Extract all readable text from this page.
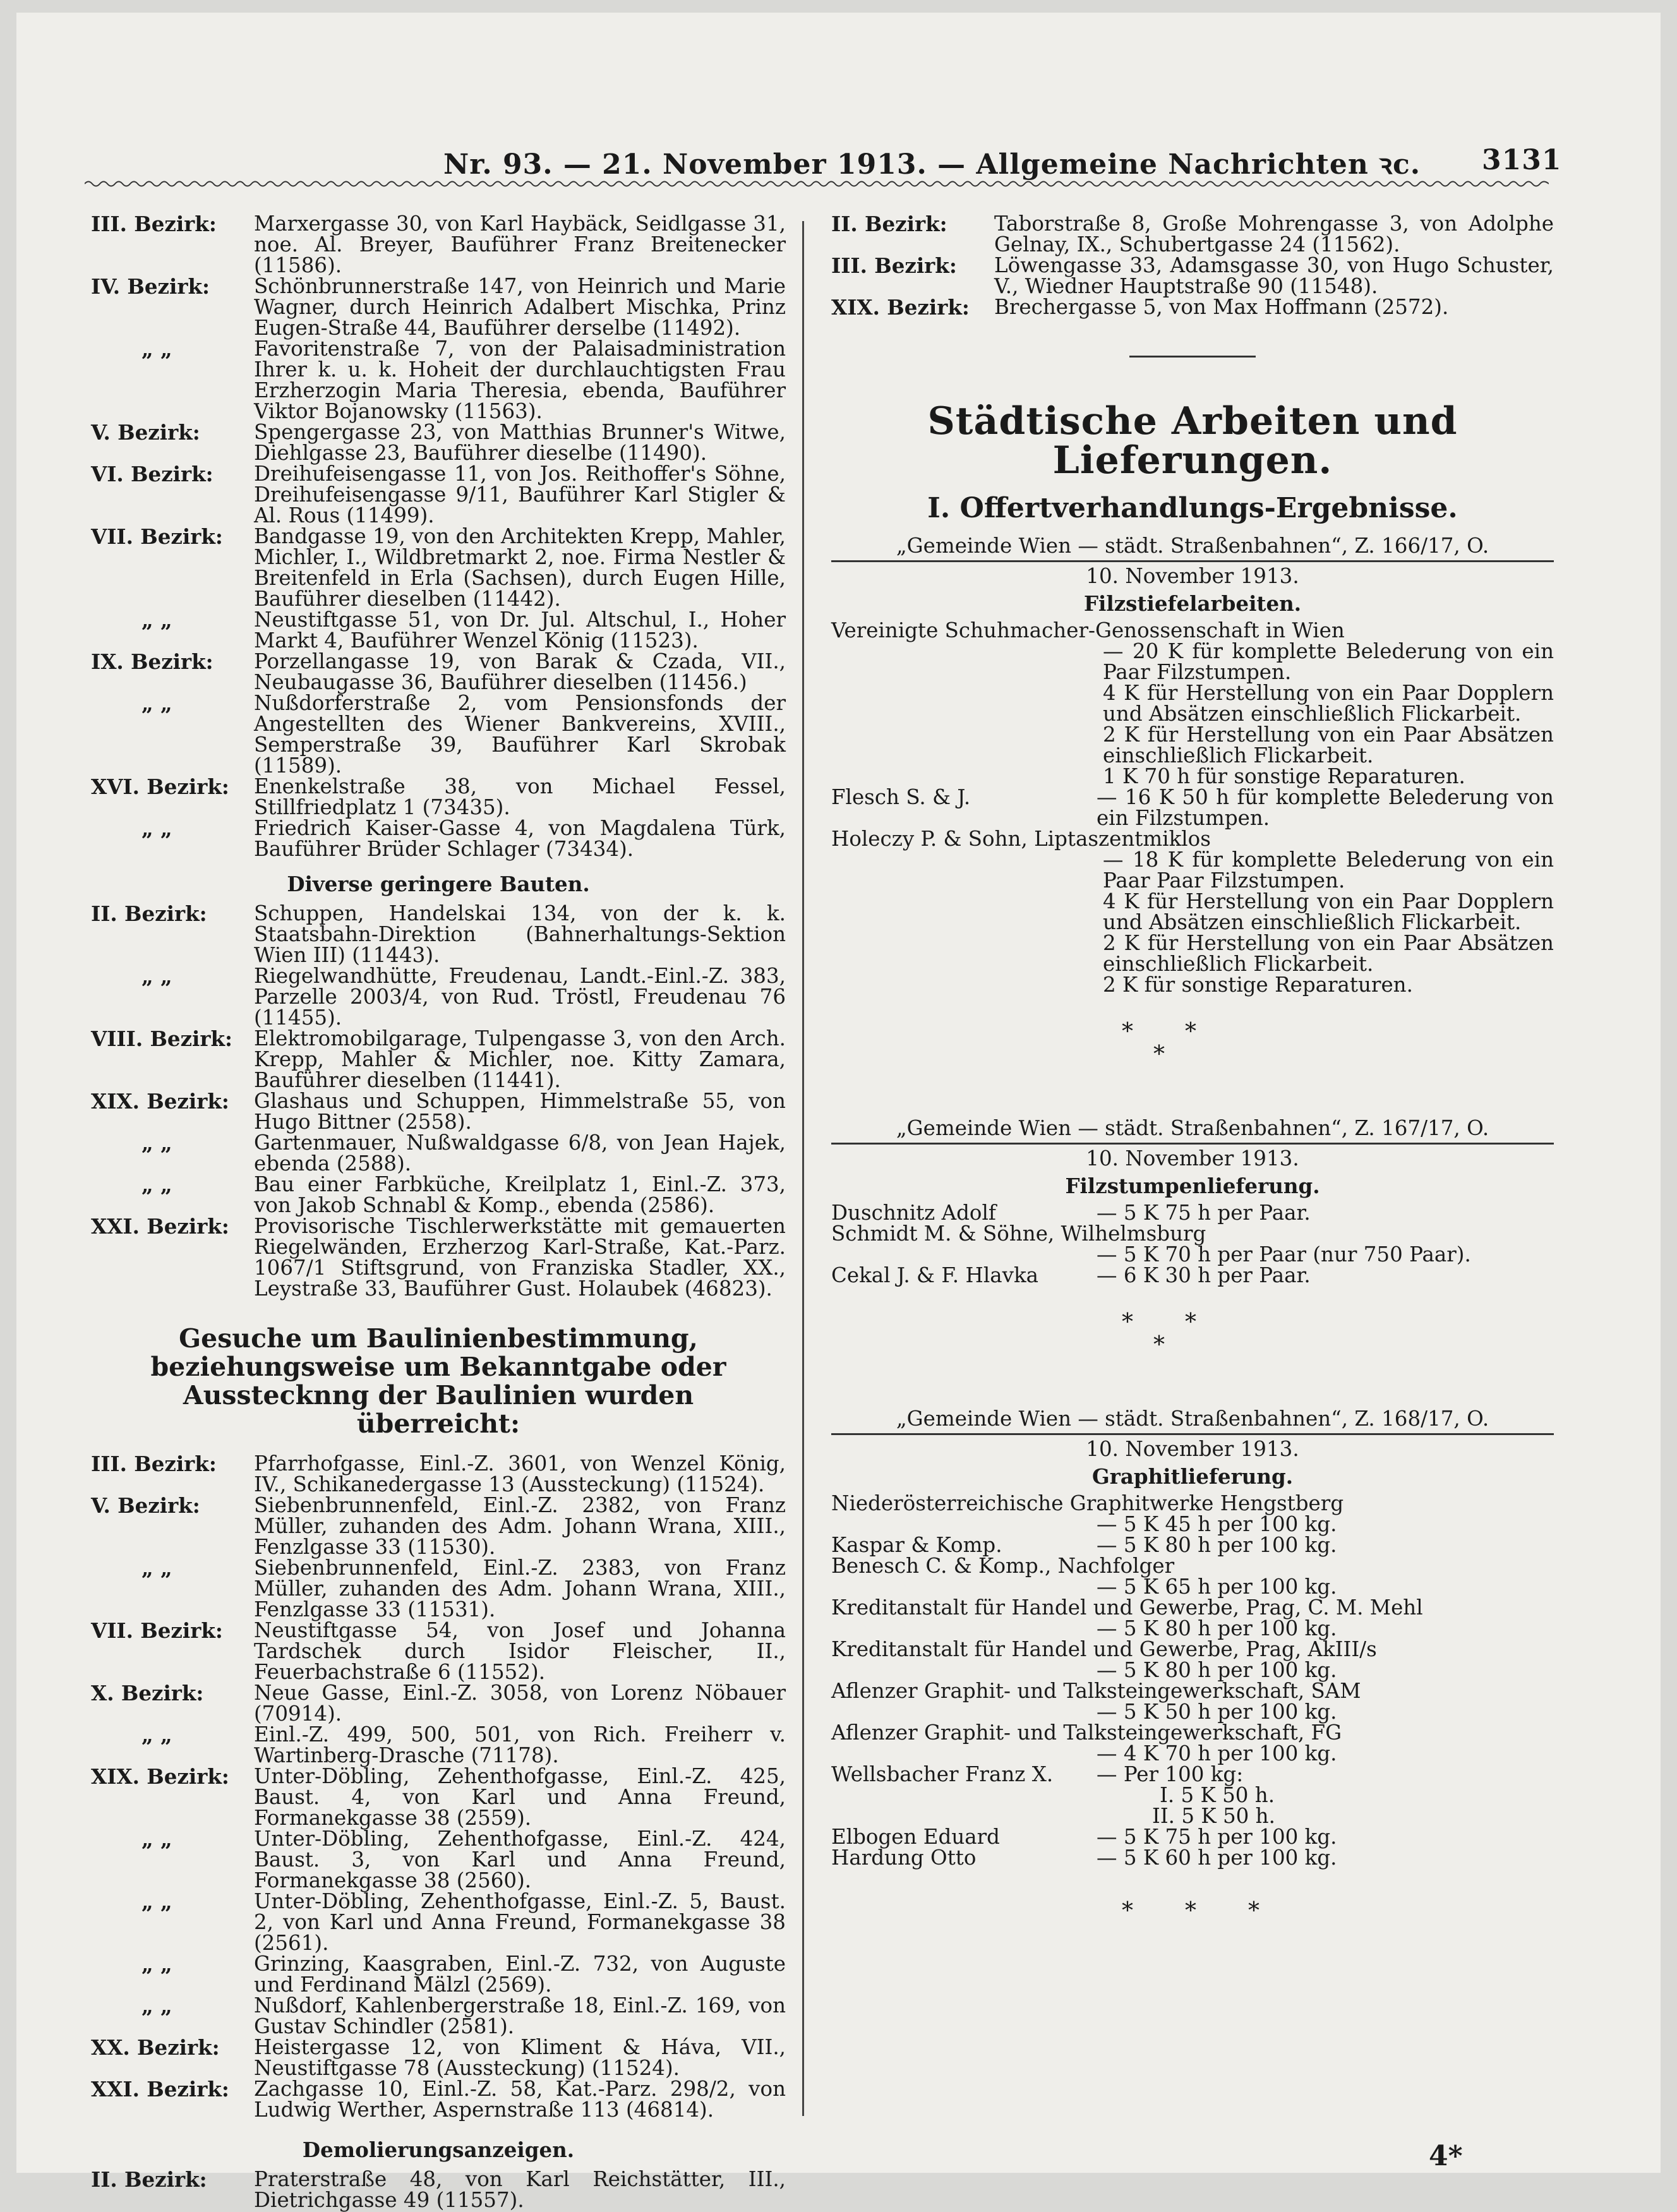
Nr. 93. — 21. November 1913. — Allgemeine Nachrichten ꝛc. 3131

III. Bezirk:	Marxergasse 30, von Karl Haybäck, Seidlgasse 31, noe. Al. Breyer, Bauführer Franz Breitenecker (11586).

IV. Bezirk:	Schönbrunnerstraße 147, von Heinrich und Marie Wagner, durch Heinrich Adalbert Mischka, Prinz Eugen-Straße 44, Bauführer derselbe (11492).

„ „	Favoritenstraße 7, von der Palaisadministration Ihrer k. u. k. Hoheit der durchlauchtigsten Frau Erzherzogin Maria Theresia, ebenda, Bauführer Viktor Bojanowsky (11563).

V. Bezirk:	Spengergasse 23, von Matthias Brunner's Witwe, Diehlgasse 23, Bauführer dieselbe (11490).

VI. Bezirk:	Dreihufeisengasse 11, von Jos. Reithoffer's Söhne, Dreihufeisengasse 9/11, Bauführer Karl Stigler & Al. Rous (11499).

VII. Bezirk:	Bandgasse 19, von den Architekten Krepp, Mahler, Michler, I., Wildbretmarkt 2, noe. Firma Nestler & Breitenfeld in Erla (Sachsen), durch Eugen Hille, Bauführer dieselben (11442).

„ „	Neustiftgasse 51, von Dr. Jul. Altschul, I., Hoher Markt 4, Bauführer Wenzel König (11523).

IX. Bezirk:	Porzellangasse 19, von Barak & Czada, VII., Neubaugasse 36, Bauführer dieselben (11456.)

„ „	Nußdorferstraße 2, vom Pensionsfonds der Angestellten des Wiener Bankvereins, XVIII., Semperstraße 39, Bauführer Karl Skrobak (11589).

XVI. Bezirk:	Enenkelstraße 38, von Michael Fessel, Stillfriedplatz 1 (73435).

„ „	Friedrich Kaiser-Gasse 4, von Magdalena Türk, Bauführer Brüder Schlager (73434).

Diverse geringere Bauten.

II. Bezirk:	Schuppen, Handelskai 134, von der k. k. Staatsbahn-Direktion (Bahnerhaltungs-Sektion Wien III) (11443).

„ „	Riegelwandhütte, Freudenau, Landt.-Einl.-Z. 383, Parzelle 2003/4, von Rud. Tröstl, Freudenau 76 (11455).

VIII. Bezirk:	Elektromobilgarage, Tulpengasse 3, von den Arch. Krepp, Mahler & Michler, noe. Kitty Zamara, Bauführer dieselben (11441).

XIX. Bezirk:	Glashaus und Schuppen, Himmelstraße 55, von Hugo Bittner (2558).

„ „	Gartenmauer, Nußwaldgasse 6/8, von Jean Hajek, ebenda (2588).

„ „	Bau einer Farbküche, Kreilplatz 1, Einl.-Z. 373, von Jakob Schnabl & Komp., ebenda (2586).

XXI. Bezirk:	Provisorische Tischlerwerkstätte mit gemauerten Riegelwänden, Erzherzog Karl-Straße, Kat.-Parz. 1067/1 Stiftsgrund, von Franziska Stadler, XX., Leystraße 33, Bauführer Gust. Holaubek (46823).

Gesuche um Baulinienbestimmung, beziehungsweise um Bekanntgabe oder Ausstecknng der Baulinien wurden überreicht:

III. Bezirk:	Pfarrhofgasse, Einl.-Z. 3601, von Wenzel König, IV., Schikanedergasse 13 (Aussteckung) (11524).

V. Bezirk:	Siebenbrunnenfeld, Einl.-Z. 2382, von Franz Müller, zuhanden des Adm. Johann Wrana, XIII., Fenzlgasse 33 (11530).

„ „	Siebenbrunnenfeld, Einl.-Z. 2383, von Franz Müller, zuhanden des Adm. Johann Wrana, XIII., Fenzlgasse 33 (11531).

VII. Bezirk:	Neustiftgasse 54, von Josef und Johanna Tardschek durch Isidor Fleischer, II., Feuerbachstraße 6 (11552).

X. Bezirk:	Neue Gasse, Einl.-Z. 3058, von Lorenz Nöbauer (70914).

„ „	Einl.-Z. 499, 500, 501, von Rich. Freiherr v. Wartinberg-Drasche (71178).

XIX. Bezirk:	Unter-Döbling, Zehenthofgasse, Einl.-Z. 425, Baust. 4, von Karl und Anna Freund, Formanekgasse 38 (2559).

„ „	Unter-Döbling, Zehenthofgasse, Einl.-Z. 424, Baust. 3, von Karl und Anna Freund, Formanekgasse 38 (2560).

„ „	Unter-Döbling, Zehenthofgasse, Einl.-Z. 5, Baust. 2, von Karl und Anna Freund, Formanekgasse 38 (2561).

„ „	Grinzing, Kaasgraben, Einl.-Z. 732, von Auguste und Ferdinand Mälzl (2569).

„ „	Nußdorf, Kahlenbergerstraße 18, Einl.-Z. 169, von Gustav Schindler (2581).

XX. Bezirk:	Heistergasse 12, von Kliment & Háva, VII., Neustiftgasse 78 (Aussteckung) (11524).

XXI. Bezirk:	Zachgasse 10, Einl.-Z. 58, Kat.-Parz. 298/2, von Ludwig Werther, Aspernstraße 113 (46814).

Demolierungsanzeigen.

II. Bezirk:	Praterstraße 48, von Karl Reichstätter, III., Dietrichgasse 49 (11557).

II. Bezirk:	Taborstraße 8, Große Mohrengasse 3, von Adolphe Gelnay, IX., Schubertgasse 24 (11562).

III. Bezirk:	Löwengasse 33, Adamsgasse 30, von Hugo Schuster, V., Wiedner Hauptstraße 90 (11548).

XIX. Bezirk:	Brechergasse 5, von Max Hoffmann (2572).

Städtische Arbeiten und Lieferungen.
I. Offertverhandlungs-Ergebnisse.

„Gemeinde Wien — städt. Straßenbahnen“, Z. 166/17, O.

10. November 1913.

Filzstiefelarbeiten.

Vereinigte Schuhmacher-Genossenschaft in Wien

— 20 K für komplette Belederung von ein Paar Filzstumpen.

4 K für Herstellung von ein Paar Dopplern und Absätzen einschließlich Flickarbeit.

2 K für Herstellung von ein Paar Absätzen einschließlich Flickarbeit.

1 K 70 h für sonstige Reparaturen.

Flesch S. & J.	— 16 K 50 h für komplette Belederung von ein Filzstumpen.

Holeczy P. & Sohn, Liptaszentmiklos

— 18 K für komplette Belederung von ein Paar Paar Filzstumpen.

4 K für Herstellung von ein Paar Dopplern und Absätzen einschließlich Flickarbeit.

2 K für Herstellung von ein Paar Absätzen einschließlich Flickarbeit.

2 K für sonstige Reparaturen.

* *
*

„Gemeinde Wien — städt. Straßenbahnen“, Z. 167/17, O.

10. November 1913.

Filzstumpenlieferung.

Duschnitz Adolf	— 5 K 75 h per Paar.

Schmidt M. & Söhne, Wilhelmsburg

— 5 K 70 h per Paar (nur 750 Paar).
Cekal J. & F. Hlavka	— 6 K 30 h per Paar.
* *
*

„Gemeinde Wien — städt. Straßenbahnen“, Z. 168/17, O.

10. November 1913.

Graphitlieferung.

Niederösterreichische Graphitwerke Hengstberg

— 5 K 45 h per 100 kg.
Kaspar & Komp.	— 5 K 80 h per 100 kg.

Benesch C. & Komp., Nachfolger

— 5 K 65 h per 100 kg.

Kreditanstalt für Handel und Gewerbe, Prag, C. M. Mehl

— 5 K 80 h per 100 kg.

Kreditanstalt für Handel und Gewerbe, Prag, AkIII/s

— 5 K 80 h per 100 kg.

Aflenzer Graphit- und Talksteingewerkschaft, SAM

— 5 K 50 h per 100 kg.

Aflenzer Graphit- und Talksteingewerkschaft, FG

— 4 K 70 h per 100 kg.
Wellsbacher Franz X.	— Per 100 kg:
I. 5 K 50 h.
II. 5 K 50 h.
Elbogen Eduard	— 5 K 75 h per 100 kg.
Hardung Otto	— 5 K 60 h per 100 kg.
* * *
4*
